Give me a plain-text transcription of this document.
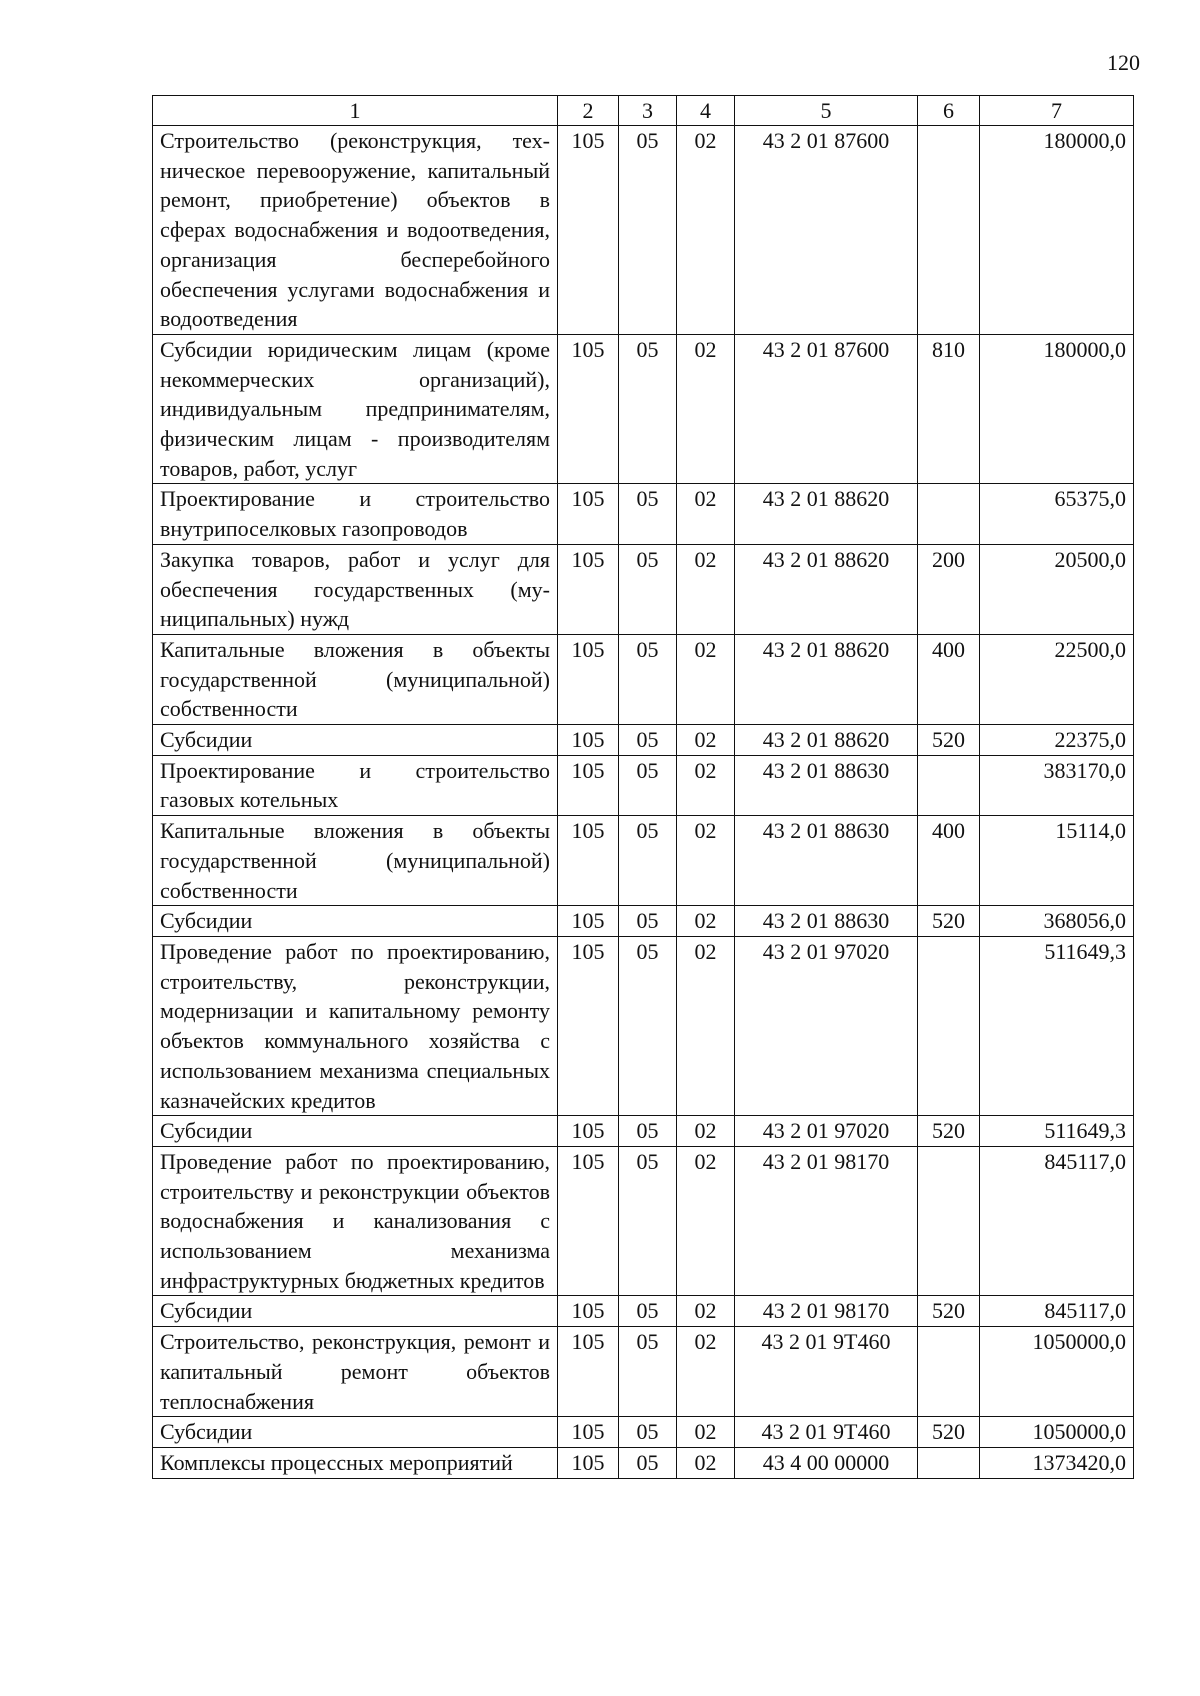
120
1	2	3	4	5	6	7
Строительство (реконструкция, техническое перевооружение, капитальный ремонт, приобретение) объектов в сферах водоснабжения и водоотведения, организация бесперебойного обеспечения услугами водоснабжения и водоотведения	105	05	02	43 2 01 87600		180000,0
Субсидии юридическим лицам (кроме некоммерческих организаций), индивидуальным предпринимателям, физическим лицам - производителям товаров, работ, услуг	105	05	02	43 2 01 87600	810	180000,0
Проектирование и строительство внутрипоселковых газопроводов	105	05	02	43 2 01 88620		65375,0
Закупка товаров, работ и услуг для обеспечения государственных (муниципальных) нужд	105	05	02	43 2 01 88620	200	20500,0
Капитальные вложения в объекты государственной (муниципальной) собственности	105	05	02	43 2 01 88620	400	22500,0
Субсидии	105	05	02	43 2 01 88620	520	22375,0
Проектирование и строительство газовых котельных	105	05	02	43 2 01 88630		383170,0
Капитальные вложения в объекты государственной (муниципальной) собственности	105	05	02	43 2 01 88630	400	15114,0
Субсидии	105	05	02	43 2 01 88630	520	368056,0
Проведение работ по проектированию, строительству, реконструкции, модернизации и капитальному ремонту объектов коммунального хозяйства с использованием механизма специальных казначейских кредитов	105	05	02	43 2 01 97020		511649,3
Субсидии	105	05	02	43 2 01 97020	520	511649,3
Проведение работ по проектированию, строительству и реконструкции объектов водоснабжения и канализования с использованием механизма инфраструктурных бюджетных кредитов	105	05	02	43 2 01 98170		845117,0
Субсидии	105	05	02	43 2 01 98170	520	845117,0
Строительство, реконструкция, ремонт и капитальный ремонт объектов теплоснабжения	105	05	02	43 2 01 9Т460		1050000,0
Субсидии	105	05	02	43 2 01 9Т460	520	1050000,0
Комплексы процессных мероприятий	105	05	02	43 4 00 00000		1373420,0
